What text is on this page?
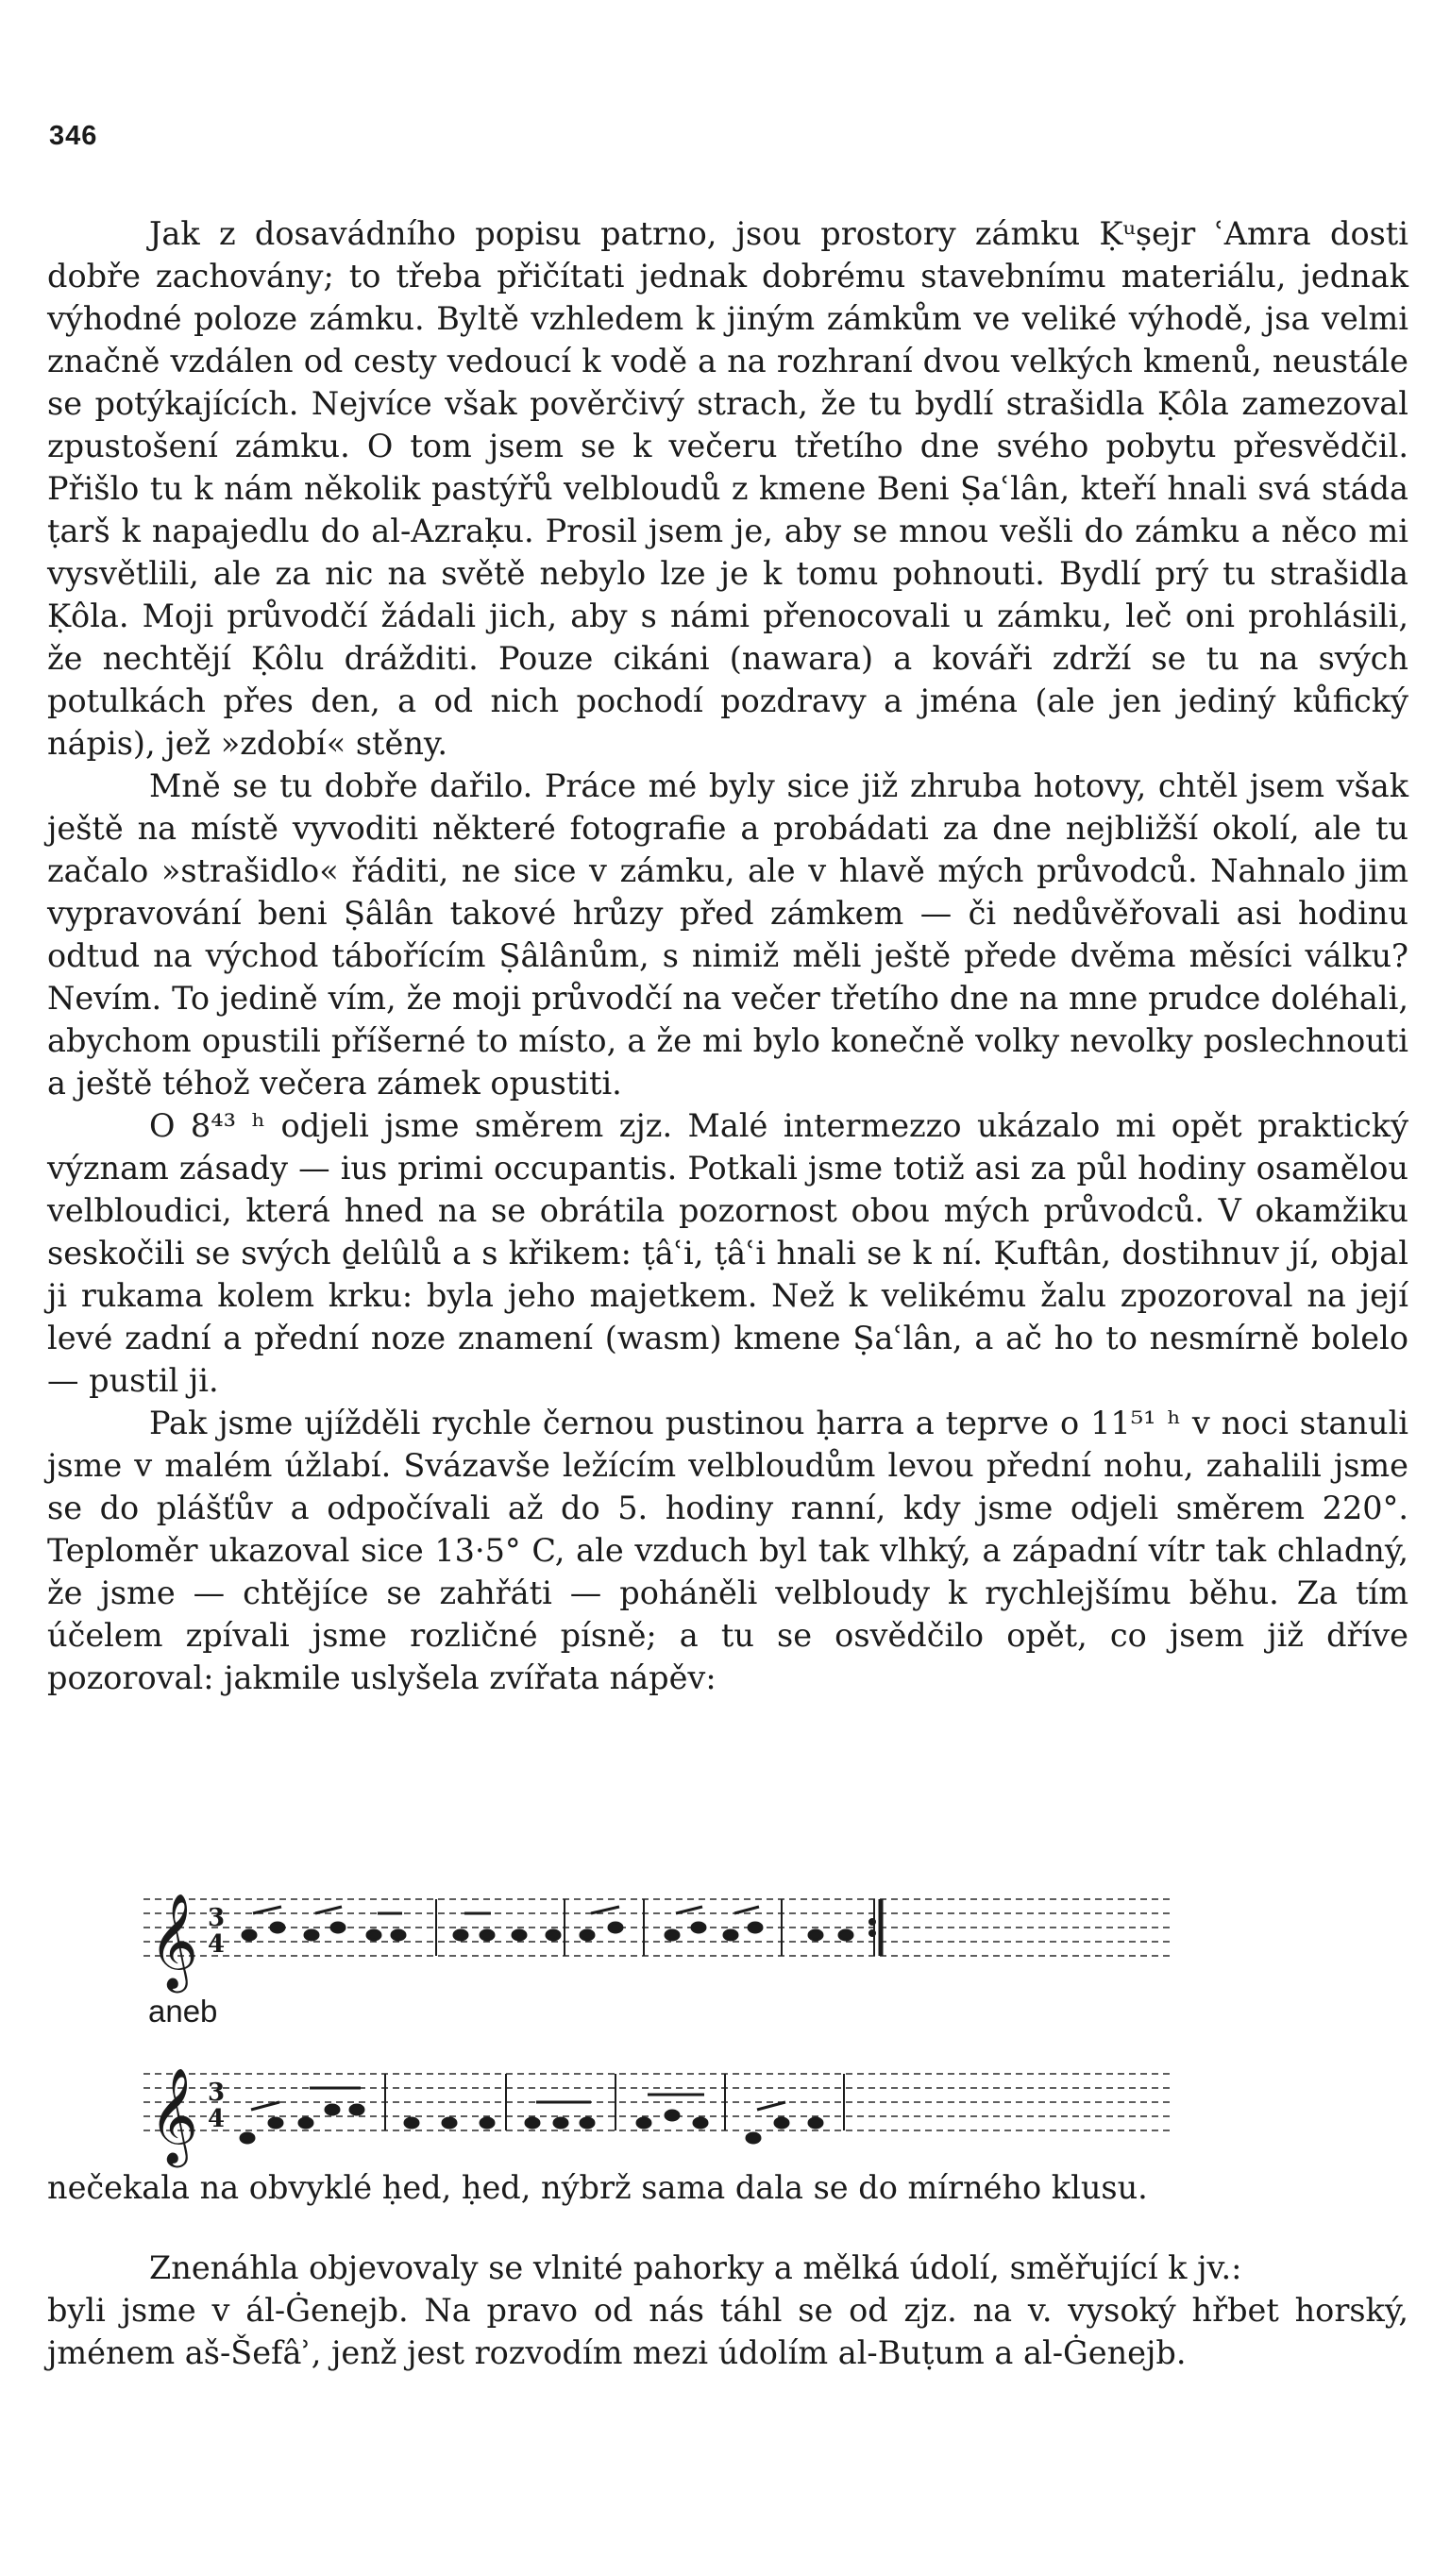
346

Jak z dosavádního popisu patrno, jsou prostory zámku Ḳᵘṣejr ʿAmra dosti dobře zachovány; to třeba přičítati jednak dobrému stavebnímu materiálu, jednak výhodné poloze zámku. Byltě vzhledem k jiným zámkům ve veliké výhodě, jsa velmi značně vzdálen od cesty vedoucí k vodě a na rozhraní dvou velkých kmenů, neustále se potýkajících. Nejvíce však pověrčivý strach, že tu bydlí strašidla Ḳôla zamezoval zpustošení zámku. O tom jsem se k večeru třetího dne svého pobytu přesvědčil. Přišlo tu k nám několik pastýřů velbloudů z kmene Beni Ṣaʿlân, kteří hnali svá stáda ṭarš k napajedlu do al-Azraḳu. Prosil jsem je, aby se mnou vešli do zámku a něco mi vysvětlili, ale za nic na světě nebylo lze je k tomu pohnouti. Bydlí prý tu strašidla Ḳôla. Moji průvodčí žádali jich, aby s námi přenocovali u zámku, leč oni prohlásili, že nechtějí Ḳôlu drážditi. Pouze cikáni (nawara) a kováři zdrží se tu na svých potulkách přes den, a od nich pochodí pozdravy a jména (ale jen jediný kůfický nápis), jež »zdobí« stěny.

Mně se tu dobře dařilo. Práce mé byly sice již zhruba hotovy, chtěl jsem však ještě na místě vyvoditi některé fotografie a probádati za dne nejbližší okolí, ale tu začalo »strašidlo« řáditi, ne sice v zámku, ale v hlavě mých průvodců. Nahnalo jim vypravování beni Ṣâlân takové hrůzy před zámkem — či nedůvěřovali asi hodinu odtud na východ tábořícím Ṣâlânům, s nimiž měli ještě přede dvěma měsíci válku? Nevím. To jedině vím, že moji průvodčí na večer třetího dne na mne prudce doléhali, abychom opustili příšerné to místo, a že mi bylo konečně volky nevolky poslechnouti a ještě téhož večera zámek opustiti.

O 8⁴³ ʰ odjeli jsme směrem zjz. Malé intermezzo ukázalo mi opět praktický význam zásady — ius primi occupantis. Potkali jsme totiž asi za půl hodiny osamělou velbloudici, která hned na se obrátila pozornost obou mých průvodců. V okamžiku seskočili se svých ḏelûlů a s křikem: ṭâʿi, ṭâʿi hnali se k ní. Ḳuftân, dostihnuv jí, objal ji rukama kolem krku: byla jeho majetkem. Než k velikému žalu zpozoroval na její levé zadní a přední noze znamení (wasm) kmene Ṣaʿlân, a ač ho to nesmírně bolelo — pustil ji.

Pak jsme ujížděli rychle černou pustinou ḥarra a teprve o 11⁵¹ ʰ v noci stanuli jsme v malém úžlabí. Svázavše ležícím velbloudům levou přední nohu, zahalili jsme se do plášťův a odpočívali až do 5. hodiny ranní, kdy jsme odjeli směrem 220°. Teploměr ukazoval sice 13·5° C, ale vzduch byl tak vlhký, a západní vítr tak chladný, že jsme — chtějíce se zahřáti — poháněli velbloudy k rychlejšímu běhu. Za tím účelem zpívali jsme rozličné písně; a tu se osvědčilo opět, co jsem již dříve pozoroval: jakmile uslyšela zvířata nápěv:

𝄞 3
4
aneb
𝄞 3
4

nečekala na obvyklé ḥed, ḥed, nýbrž sama dala se do mírného klusu.

Znenáhla objevovaly se vlnité pahorky a mělká údolí, směřující k jv.:
byli jsme v ál-Ġenejb. Na pravo od nás táhl se od zjz. na v. vysoký hřbet horský, jménem aš-Šefâʾ, jenž jest rozvodím mezi údolím al-Buṭum a al-Ġenejb.
